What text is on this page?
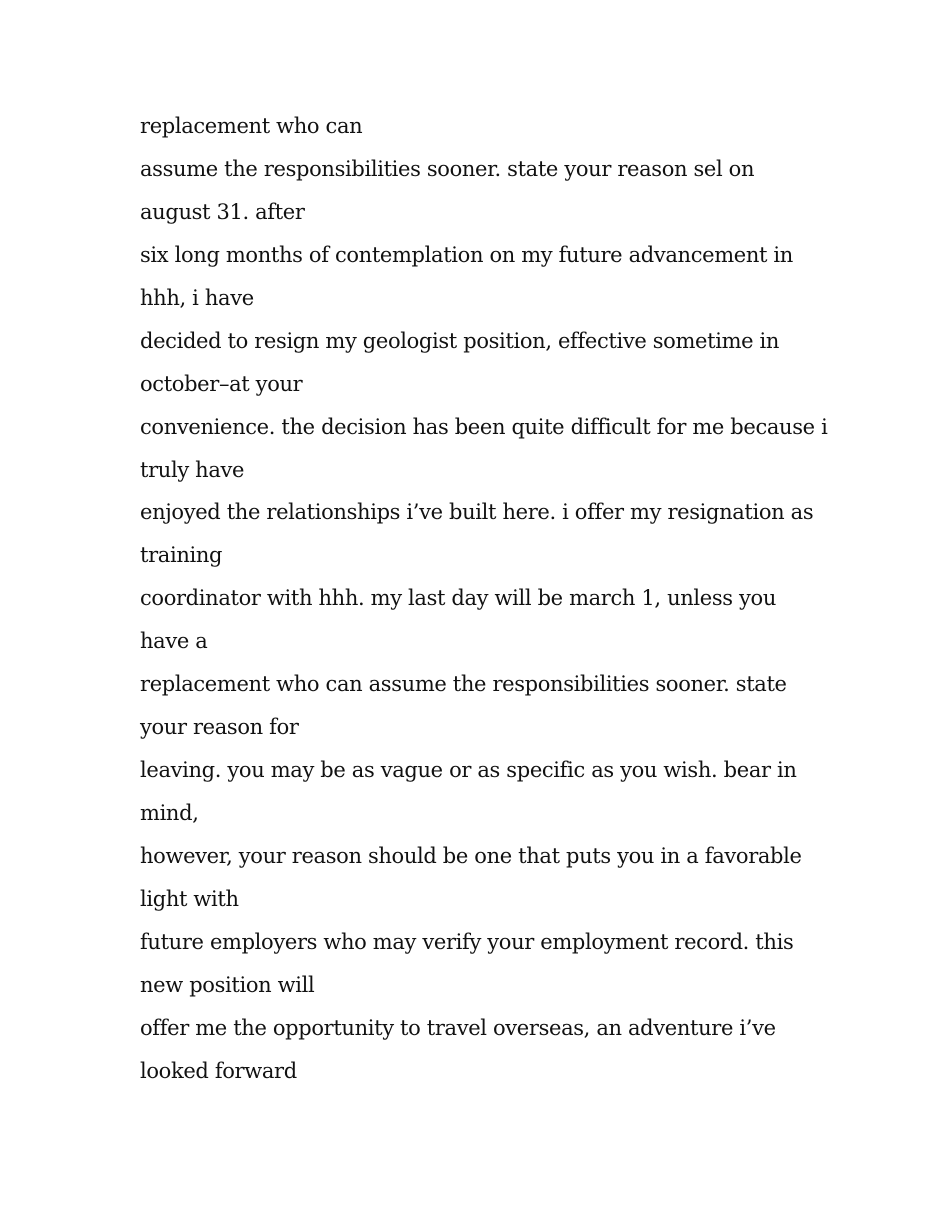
replacement who can
assume the responsibilities sooner. state your reason sel on
august 31. after
six long months of contemplation on my future advancement in
hhh, i have
decided to resign my geologist position, effective sometime in
october–at your
convenience. the decision has been quite difficult for me because i
truly have
enjoyed the relationships i’ve built here. i offer my resignation as
training
coordinator with hhh. my last day will be march 1, unless you
have a
replacement who can assume the responsibilities sooner. state
your reason for
leaving. you may be as vague or as specific as you wish. bear in
mind,
however, your reason should be one that puts you in a favorable
light with
future employers who may verify your employment record. this
new position will
offer me the opportunity to travel overseas, an adventure i’ve
looked forward
